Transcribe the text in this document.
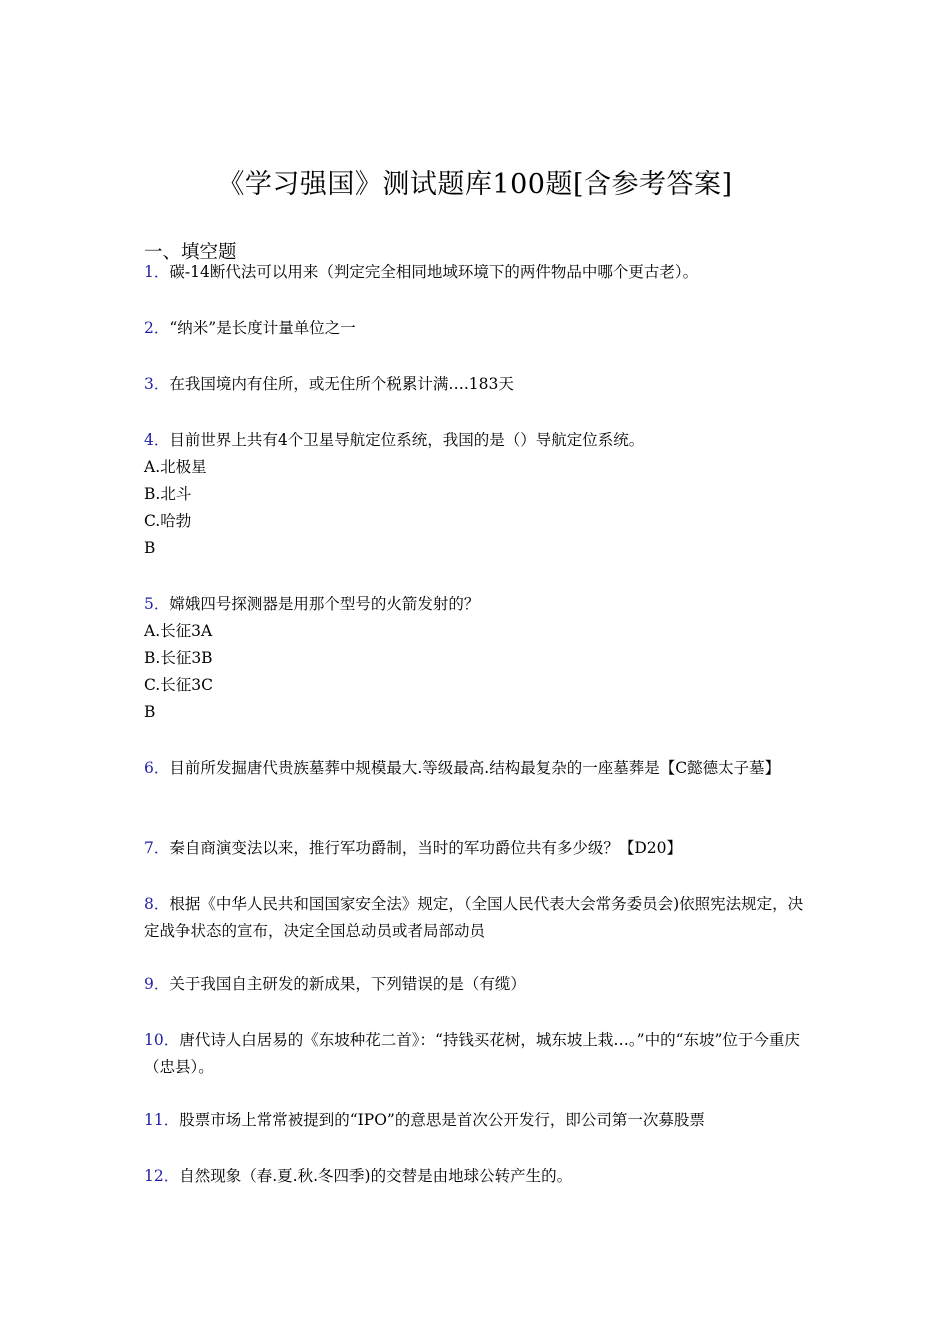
《学习强国》测试题库100题[含参考答案]
一、填空题
1．碳-14断代法可以用来（判定完全相同地域环境下的两件物品中哪个更古老）。
2．“纳米”是长度计量单位之一
3．在我国境内有住所，或无住所个税累计满….183天
4．目前世界上共有4个卫星导航定位系统，我国的是（）导航定位系统。
A.北极星
B.北斗
C.哈勃
B
5．嫦娥四号探测器是用那个型号的火箭发射的？
A.长征3A
B.长征3B
C.长征3C
B
6．目前所发掘唐代贵族墓葬中规模最大.等级最高.结构最复杂的一座墓葬是【C懿德太子墓】
7．秦自商演变法以来，推行军功爵制，当时的军功爵位共有多少级？【D20】
8．根据《中华人民共和国国家安全法》规定，（全国人民代表大会常务委员会)依照宪法规定，决定战争状态的宣布，决定全国总动员或者局部动员
9．关于我国自主研发的新成果，下列错误的是（有缆）
10．唐代诗人白居易的《东坡种花二首》：“持钱买花树，城东坡上栽…。”中的“东坡”位于今重庆（忠县）。
11．股票市场上常常被提到的“IPO”的意思是首次公开发行，即公司第一次募股票
12．自然现象（春.夏.秋.冬四季)的交替是由地球公转产生的。
